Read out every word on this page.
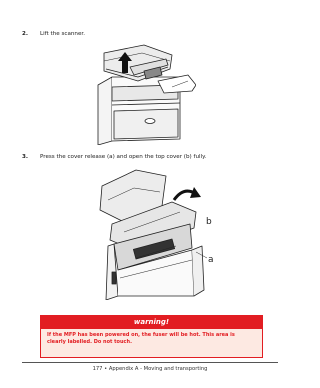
2. Lift the scanner.
3. Press the cover release (a) and open the top cover (b) fully.
b
a
warning!
If the MFP has been powered on, the fuser will be hot. This area is
clearly labelled. Do not touch.
177 • Appendix A - Moving and transporting
